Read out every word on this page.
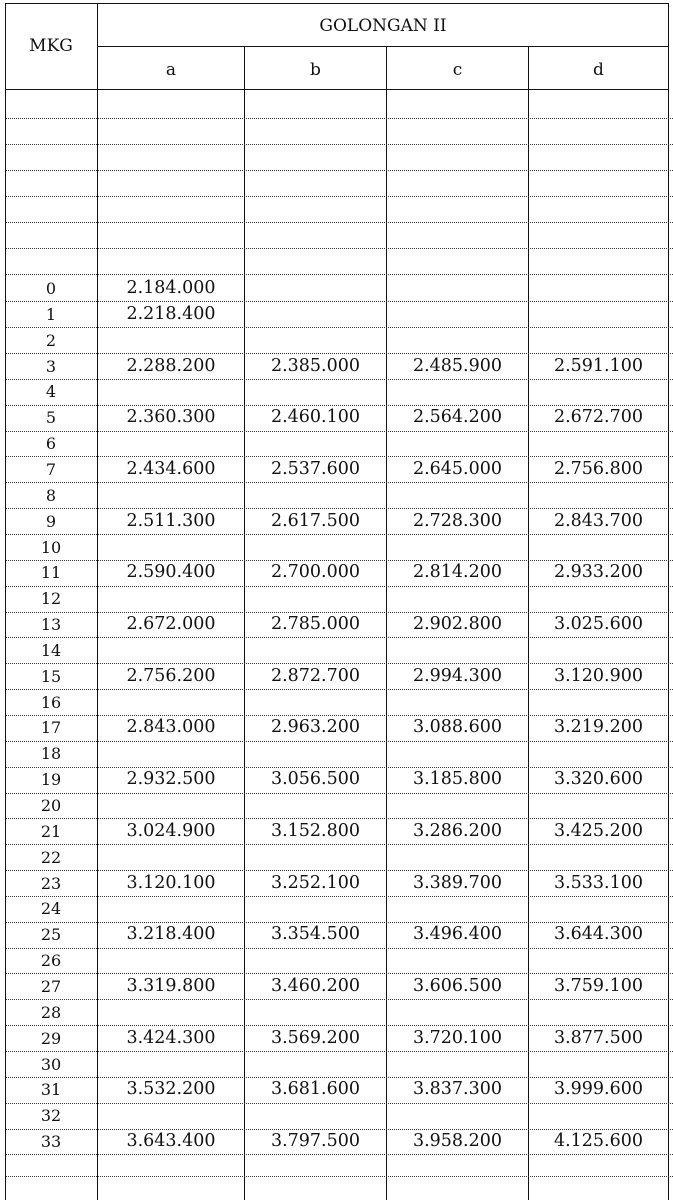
MKG
GOLONGAN II
a	b	c	d
0	2.184.000
1	2.218.400
2
3	2.288.200	2.385.000	2.485.900	2.591.100
4
5	2.360.300	2.460.100	2.564.200	2.672.700
6
7	2.434.600	2.537.600	2.645.000	2.756.800
8
9	2.511.300	2.617.500	2.728.300	2.843.700
10
11	2.590.400	2.700.000	2.814.200	2.933.200
12
13	2.672.000	2.785.000	2.902.800	3.025.600
14
15	2.756.200	2.872.700	2.994.300	3.120.900
16
17	2.843.000	2.963.200	3.088.600	3.219.200
18
19	2.932.500	3.056.500	3.185.800	3.320.600
20
21	3.024.900	3.152.800	3.286.200	3.425.200
22
23	3.120.100	3.252.100	3.389.700	3.533.100
24
25	3.218.400	3.354.500	3.496.400	3.644.300
26
27	3.319.800	3.460.200	3.606.500	3.759.100
28
29	3.424.300	3.569.200	3.720.100	3.877.500
30
31	3.532.200	3.681.600	3.837.300	3.999.600
32
33	3.643.400	3.797.500	3.958.200	4.125.600
